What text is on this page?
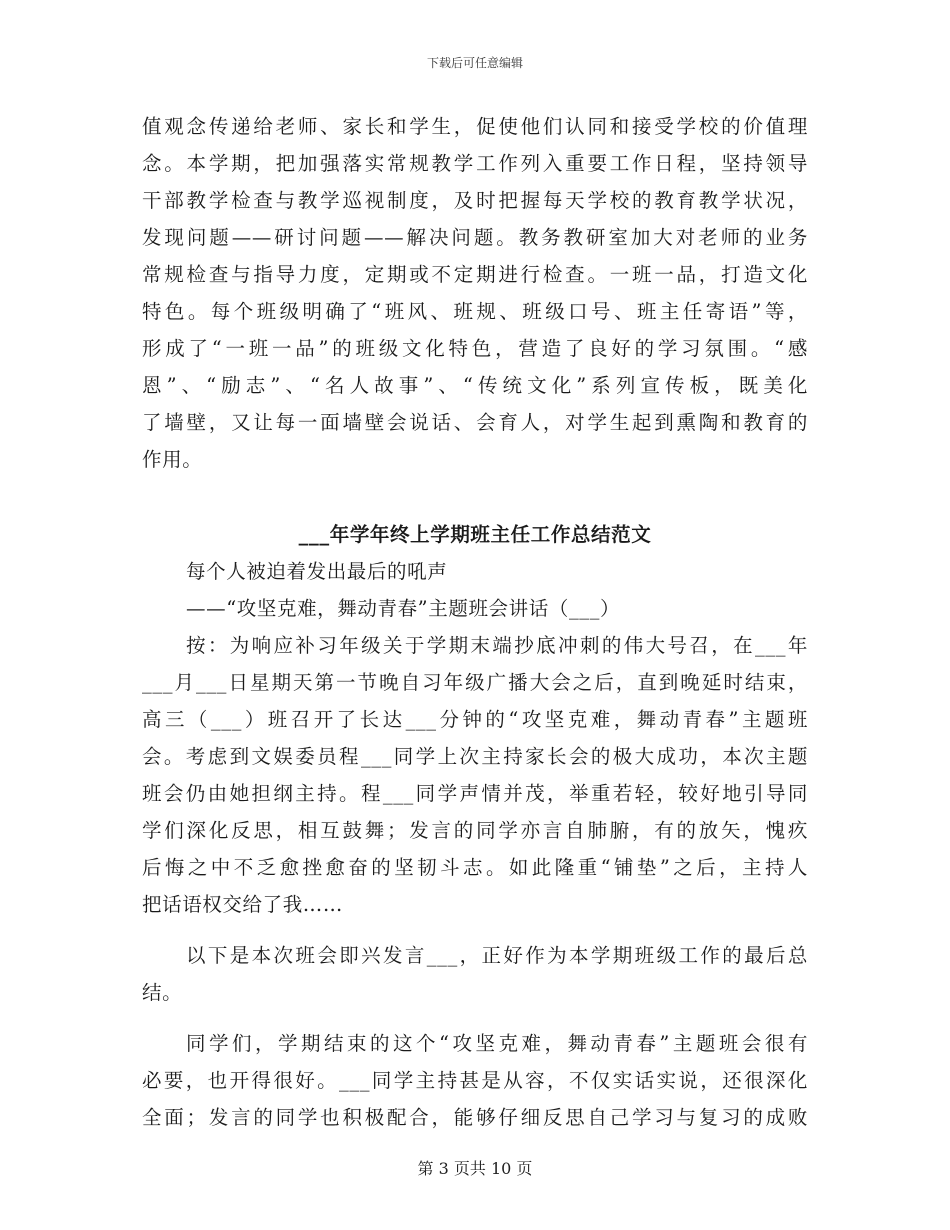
下载后可任意编辑
值观念传递给老师、家长和学生，促使他们认同和接受学校的价值理
念。本学期，把加强落实常规教学工作列入重要工作日程，坚持领导
干部教学检查与教学巡视制度，及时把握每天学校的教育教学状况，
发现问题——研讨问题——解决问题。教务教研室加大对老师的业务
常规检查与指导力度，定期或不定期进行检查。一班一品，打造文化
特色。每个班级明确了“班风、班规、班级口号、班主任寄语”等，
形成了“一班一品”的班级文化特色，营造了良好的学习氛围。“感
恩”、“励志”、“名人故事”、“传统文化”系列宣传板，既美化
了墙壁，又让每一面墙壁会说话、会育人，对学生起到熏陶和教育的
作用。
___年学年终上学期班主任工作总结范文
每个人被迫着发出最后的吼声
——“攻坚克难，舞动青春”主题班会讲话（___）
按：为响应补习年级关于学期末端抄底冲刺的伟大号召，在___年
___月___日星期天第一节晚自习年级广播大会之后，直到晚延时结束，
高三（___）班召开了长达___分钟的“攻坚克难，舞动青春”主题班
会。考虑到文娱委员程___同学上次主持家长会的极大成功，本次主题
班会仍由她担纲主持。程___同学声情并茂，举重若轻，较好地引导同
学们深化反思，相互鼓舞；发言的同学亦言自肺腑，有的放矢，愧疚
后悔之中不乏愈挫愈奋的坚韧斗志。如此隆重“铺垫”之后，主持人
把话语权交给了我……
以下是本次班会即兴发言___，正好作为本学期班级工作的最后总
结。
同学们，学期结束的这个“攻坚克难，舞动青春”主题班会很有
必要，也开得很好。___同学主持甚是从容，不仅实话实说，还很深化
全面；发言的同学也积极配合，能够仔细反思自己学习与复习的成败
第 3 页共 10 页
